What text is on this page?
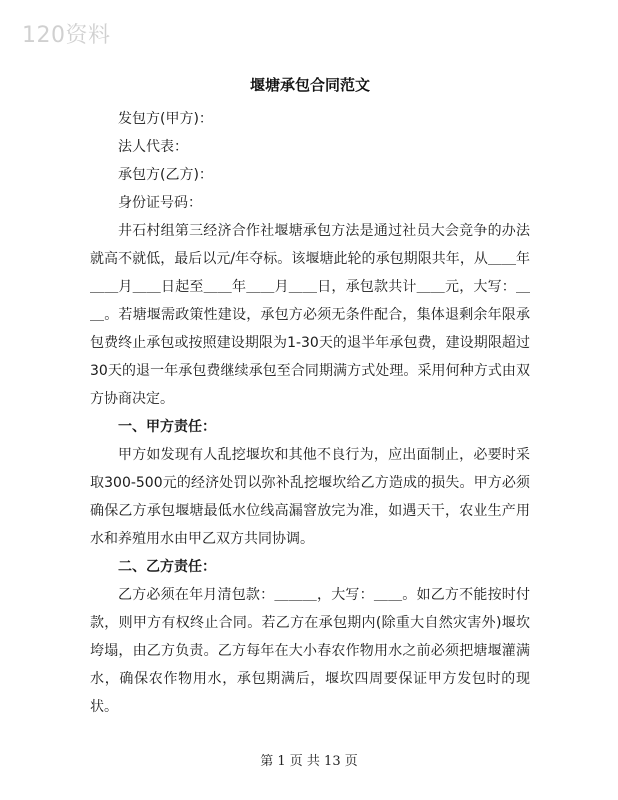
120资料
堰塘承包合同范文
发包方(甲方)：
法人代表：
承包方(乙方)：
身份证号码：

井石村组第三经济合作社堰塘承包方法是通过社员大会竞争的办法就高不就低，最后以元/年夺标。该堰塘此轮的承包期限共年，从＿＿年＿＿月＿＿日起至＿＿年＿＿月＿＿日，承包款共计＿＿元，大写：＿＿。若塘堰需政策性建设，承包方必须无条件配合，集体退剩余年限承包费终止承包或按照建设期限为1-30天的退半年承包费，建设期限超过30天的退一年承包费继续承包至合同期满方式处理。采用何种方式由双方协商决定。

一、甲方责任：

甲方如发现有人乱挖堰坎和其他不良行为，应出面制止，必要时采取300-500元的经济处罚以弥补乱挖堰坎给乙方造成的损失。甲方必须确保乙方承包堰塘最低水位线高漏窨放完为准，如遇天干，农业生产用水和养殖用水由甲乙双方共同协调。

二、乙方责任：

乙方必须在年月清包款：＿＿＿，大写：＿＿。如乙方不能按时付款，则甲方有权终止合同。若乙方在承包期内(除重大自然灾害外)堰坎垮塌，由乙方负责。乙方每年在大小春农作物用水之前必须把塘堰灌满水，确保农作物用水，承包期满后，堰坎四周要保证甲方发包时的现状。

第 1 页 共 13 页
